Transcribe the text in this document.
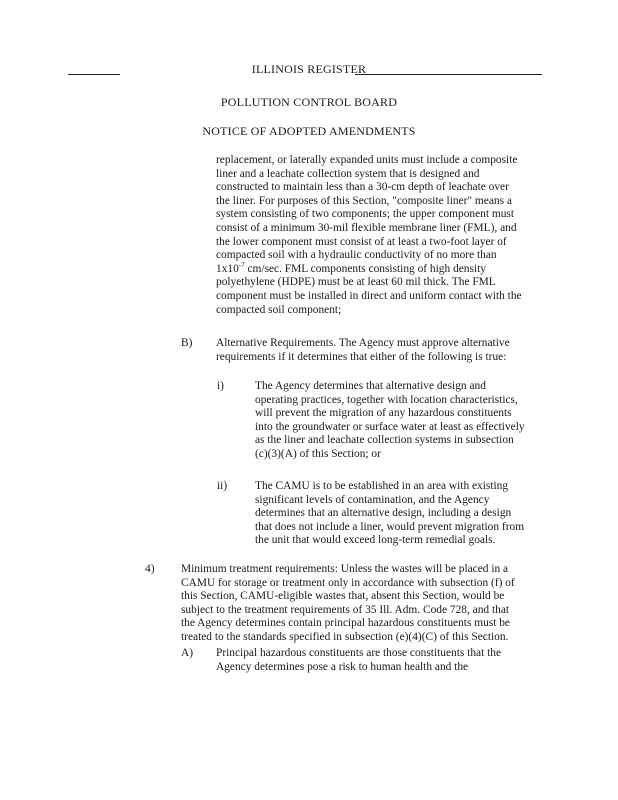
ILLINOIS REGISTER
POLLUTION CONTROL BOARD
NOTICE OF ADOPTED AMENDMENTS

replacement, or laterally expanded units must include a composite

liner and a leachate collection system that is designed and

constructed to maintain less than a 30-cm depth of leachate over

the liner. For purposes of this Section, "composite liner" means a

system consisting of two components; the upper component must

consist of a minimum 30-mil flexible membrane liner (FML), and

the lower component must consist of at least a two-foot layer of

compacted soil with a hydraulic conductivity of no more than

$1x10^{-7}$ cm/sec. FML components consisting of high density

polyethylene (HDPE) must be at least 60 mil thick. The FML

component must be installed in direct and uniform contact with the

compacted soil component;

B) Alternative Requirements. The Agency must approve alternative

requirements if it determines that either of the following is true:

i)	The Agency determines that alternative design and

operating practices, together with location characteristics,

will prevent the migration of any hazardous constituents

into the groundwater or surface water at least as effectively

as the liner and leachate collection systems in subsection

(c)(3)(A) of this Section; or

ii) The CAMU is to be established in an area with existing

significant levels of contamination, and the Agency

determines that an alternative design, including a design

that does not include a liner, would prevent migration from

the unit that would exceed long-term remedial goals.

4) Minimum treatment requirements: Unless the wastes will be placed in a

CAMU for storage or treatment only in accordance with subsection (f) of

this Section, CAMU-eligible wastes that, absent this Section, would be

subject to the treatment requirements of 35 Ill. Adm. Code 728, and that

the Agency determines contain principal hazardous constituents must be

treated to the standards specified in subsection (e)(4)(C) of this Section.

A) Principal hazardous constituents are those constituents that the

Agency determines pose a risk to human health and the
